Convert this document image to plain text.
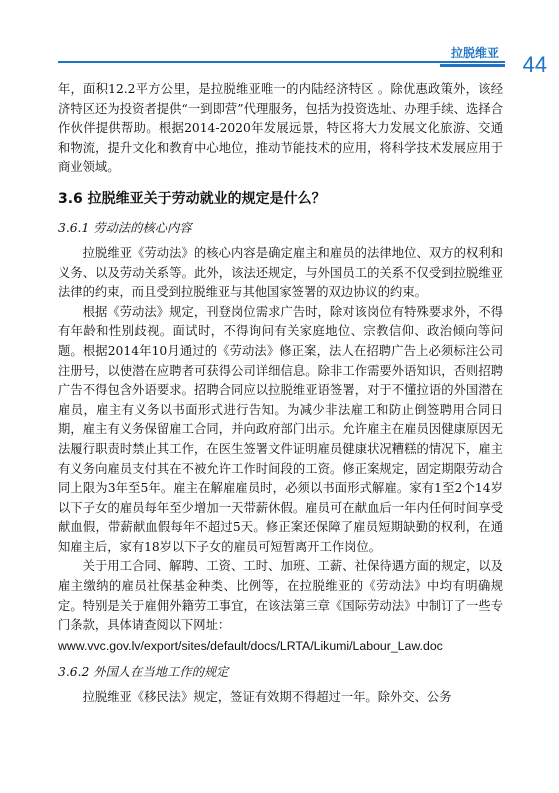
拉脱维亚 44

年，面积12.2平方公里，是拉脱维亚唯一的内陆经济特区 。除优惠政策外，该经济特区还为投资者提供“一到即营”代理服务，包括为投资选址、办理手续、选择合作伙伴提供帮助。根据2014-2020年发展远景，特区将大力发展文化旅游、交通和物流，提升文化和教育中心地位，推动节能技术的应用，将科学技术发展应用于商业领域。

3.6 拉脱维亚关于劳动就业的规定是什么？
3.6.1 劳动法的核心内容

拉脱维亚《劳动法》的核心内容是确定雇主和雇员的法律地位、双方的权利和义务、以及劳动关系等。此外，该法还规定，与外国员工的关系不仅受到拉脱维亚法律的约束，而且受到拉脱维亚与其他国家签署的双边协议的约束。

根据《劳动法》规定，刊登岗位需求广告时，除对该岗位有特殊要求外，不得有年龄和性别歧视。面试时，不得询问有关家庭地位、宗教信仰、政治倾向等问题。根据2014年10月通过的《劳动法》修正案，法人在招聘广告上必须标注公司注册号，以使潜在应聘者可获得公司详细信息。除非工作需要外语知识，否则招聘广告不得包含外语要求。招聘合同应以拉脱维亚语签署，对于不懂拉语的外国潜在雇员，雇主有义务以书面形式进行告知。为减少非法雇工和防止倒签聘用合同日期，雇主有义务保留雇工合同，并向政府部门出示。允许雇主在雇员因健康原因无法履行职责时禁止其工作，在医生签署文件证明雇员健康状况糟糕的情况下，雇主有义务向雇员支付其在不被允许工作时间段的工资。修正案规定，固定期限劳动合同上限为3年至5年。雇主在解雇雇员时，必须以书面形式解雇。家有1至2个14岁以下子女的雇员每年至少增加一天带薪休假。雇员可在献血后一年内任何时间享受献血假，带薪献血假每年不超过5天。修正案还保障了雇员短期缺勤的权利，在通知雇主后，家有18岁以下子女的雇员可短暂离开工作岗位。

关于用工合同、解聘、工资、工时、加班、工薪、社保待遇方面的规定，以及雇主缴纳的雇员社保基金种类、比例等，在拉脱维亚的《劳动法》中均有明确规定。特别是关于雇佣外籍劳工事宜，在该法第三章《国际劳动法》中制订了一些专门条款，具体请查阅以下网址：

www.vvc.gov.lv/export/sites/default/docs/LRTA/Likumi/Labour_Law.doc
3.6.2 外国人在当地工作的规定

拉脱维亚《移民法》规定，签证有效期不得超过一年。除外交、公务
